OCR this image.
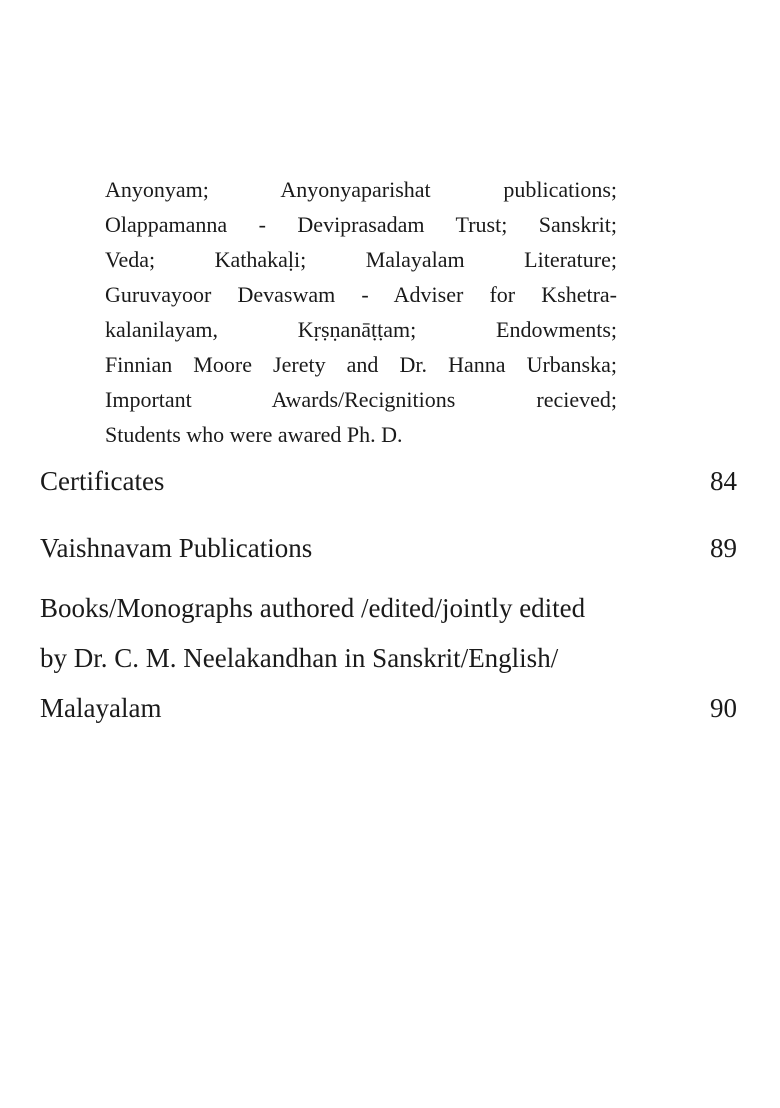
Anyonyam; Anyonyaparishat publications;
Olappamanna - Deviprasadam Trust; Sanskrit;
Veda; Kathakaḷi; Malayalam Literature;
Guruvayoor Devaswam - Adviser for Kshetra-
kalanilayam, Kṛṣṇanāṭṭam; Endowments;
Finnian Moore Jerety and Dr. Hanna Urbanska;
Important Awards/Recignitions recieved;
Students who were awared Ph. D.
Certificates	84
Vaishnavam Publications	89
Books/Monographs authored /edited/jointly edited
by Dr. C. M. Neelakandhan in Sanskrit/English/
Malayalam	90
